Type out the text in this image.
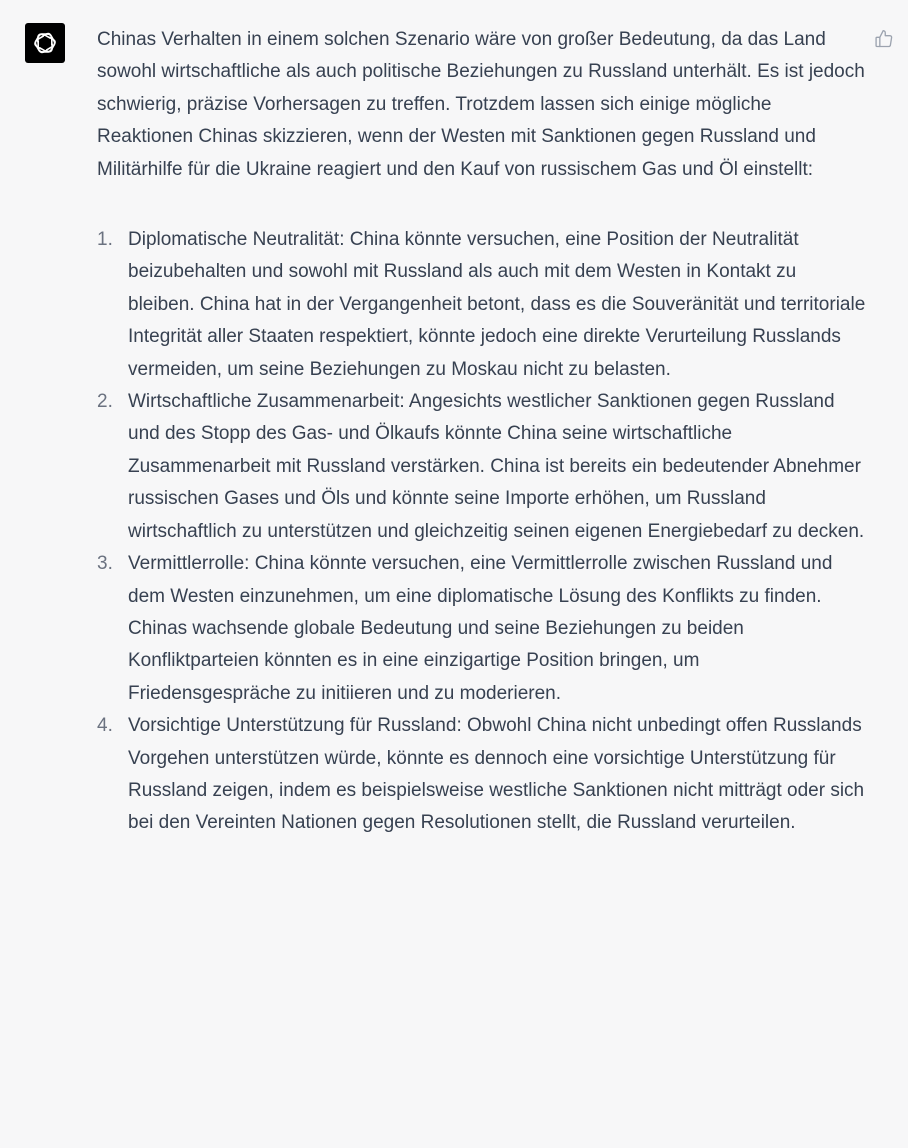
Chinas Verhalten in einem solchen Szenario wäre von großer Bedeutung, da das Land sowohl wirtschaftliche als auch politische Beziehungen zu Russland unterhält. Es ist jedoch schwierig, präzise Vorhersagen zu treffen. Trotzdem lassen sich einige mögliche Reaktionen Chinas skizzieren, wenn der Westen mit Sanktionen gegen Russland und Militärhilfe für die Ukraine reagiert und den Kauf von russischem Gas und Öl einstellt:

1. Diplomatische Neutralität: China könnte versuchen, eine Position der Neutralität beizubehalten und sowohl mit Russland als auch mit dem Westen in Kontakt zu bleiben. China hat in der Vergangenheit betont, dass es die Souveränität und territoriale Integrität aller Staaten respektiert, könnte jedoch eine direkte Verurteilung Russlands vermeiden, um seine Beziehungen zu Moskau nicht zu belasten.
2. Wirtschaftliche Zusammenarbeit: Angesichts westlicher Sanktionen gegen Russland und des Stopp des Gas- und Ölkaufs könnte China seine wirtschaftliche Zusammenarbeit mit Russland verstärken. China ist bereits ein bedeutender Abnehmer russischen Gases und Öls und könnte seine Importe erhöhen, um Russland wirtschaftlich zu unterstützen und gleichzeitig seinen eigenen Energiebedarf zu decken.
3. Vermittlerrolle: China könnte versuchen, eine Vermittlerrolle zwischen Russland und dem Westen einzunehmen, um eine diplomatische Lösung des Konflikts zu finden. Chinas wachsende globale Bedeutung und seine Beziehungen zu beiden Konfliktparteien könnten es in eine einzigartige Position bringen, um Friedensgespräche zu initiieren und zu moderieren.
4. Vorsichtige Unterstützung für Russland: Obwohl China nicht unbedingt offen Russlands Vorgehen unterstützen würde, könnte es dennoch eine vorsichtige Unterstützung für Russland zeigen, indem es beispielsweise westliche Sanktionen nicht mitträgt oder sich bei den Vereinten Nationen gegen Resolutionen stellt, die Russland verurteilen.
